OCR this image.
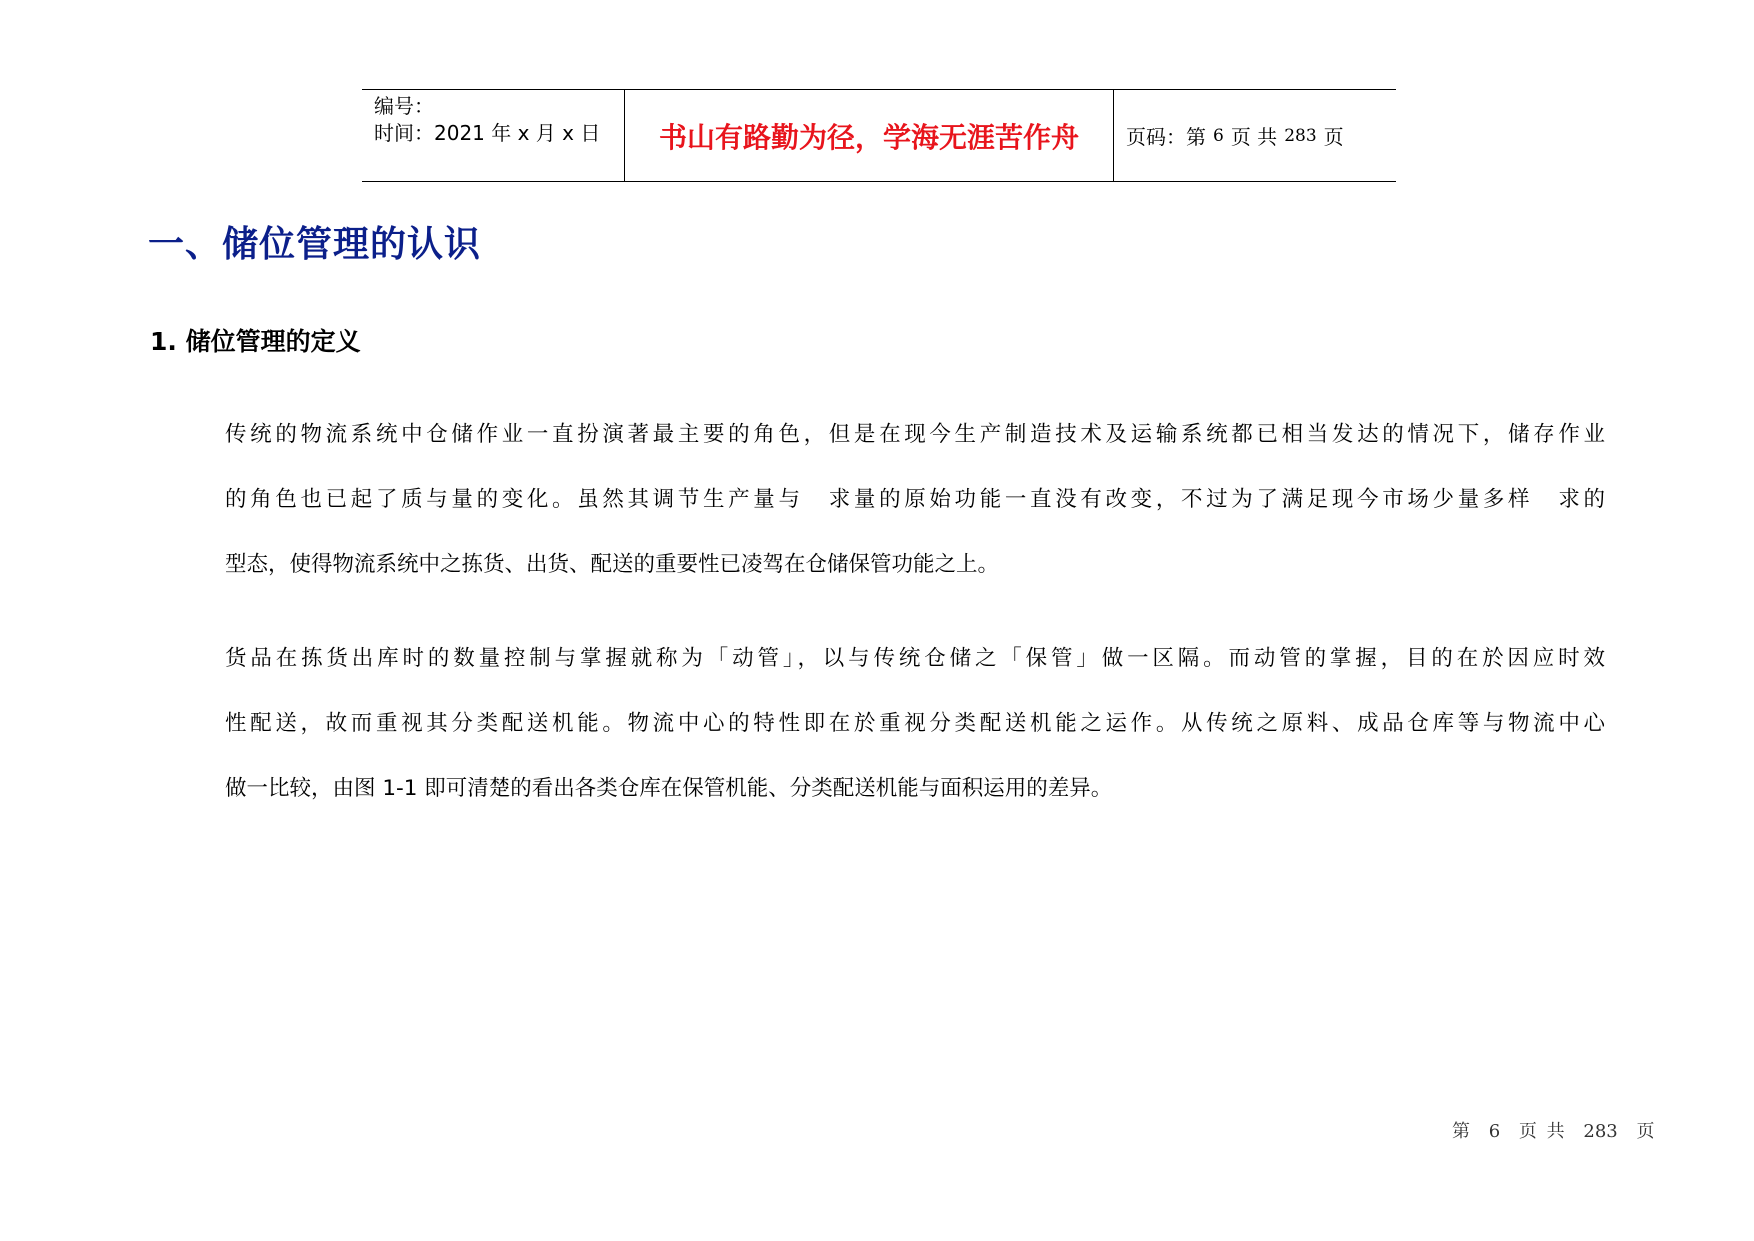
编号：
时间：2021 年 x 月 x 日	书山有路勤为径，学海无涯苦作舟 页码：第 6 页 共 283 页
一、储位管理的认识
1. 储位管理的定义
传统的物流系统中仓储作业一直扮演著最主要的角色，但是在现今生产制造技术及运输系统都已相当发达的情况下，储存作业
的角色也已起了质与量的变化。虽然其调节生产量与　求量的原始功能一直没有改变，不过为了满足现今市场少量多样　求的
型态，使得物流系统中之拣货、出货、配送的重要性已凌驾在仓储保管功能之上。
货品在拣货出库时的数量控制与掌握就称为「动管」，以与传统仓储之「保管」做一区隔。而动管的掌握，目的在於因应时效
性配送，故而重视其分类配送机能。物流中心的特性即在於重视分类配送机能之运作。从传统之原料、成品仓库等与物流中心
做一比较，由图 1-1 即可清楚的看出各类仓库在保管机能、分类配送机能与面积运用的差异。
第 6 页 共 283 页
